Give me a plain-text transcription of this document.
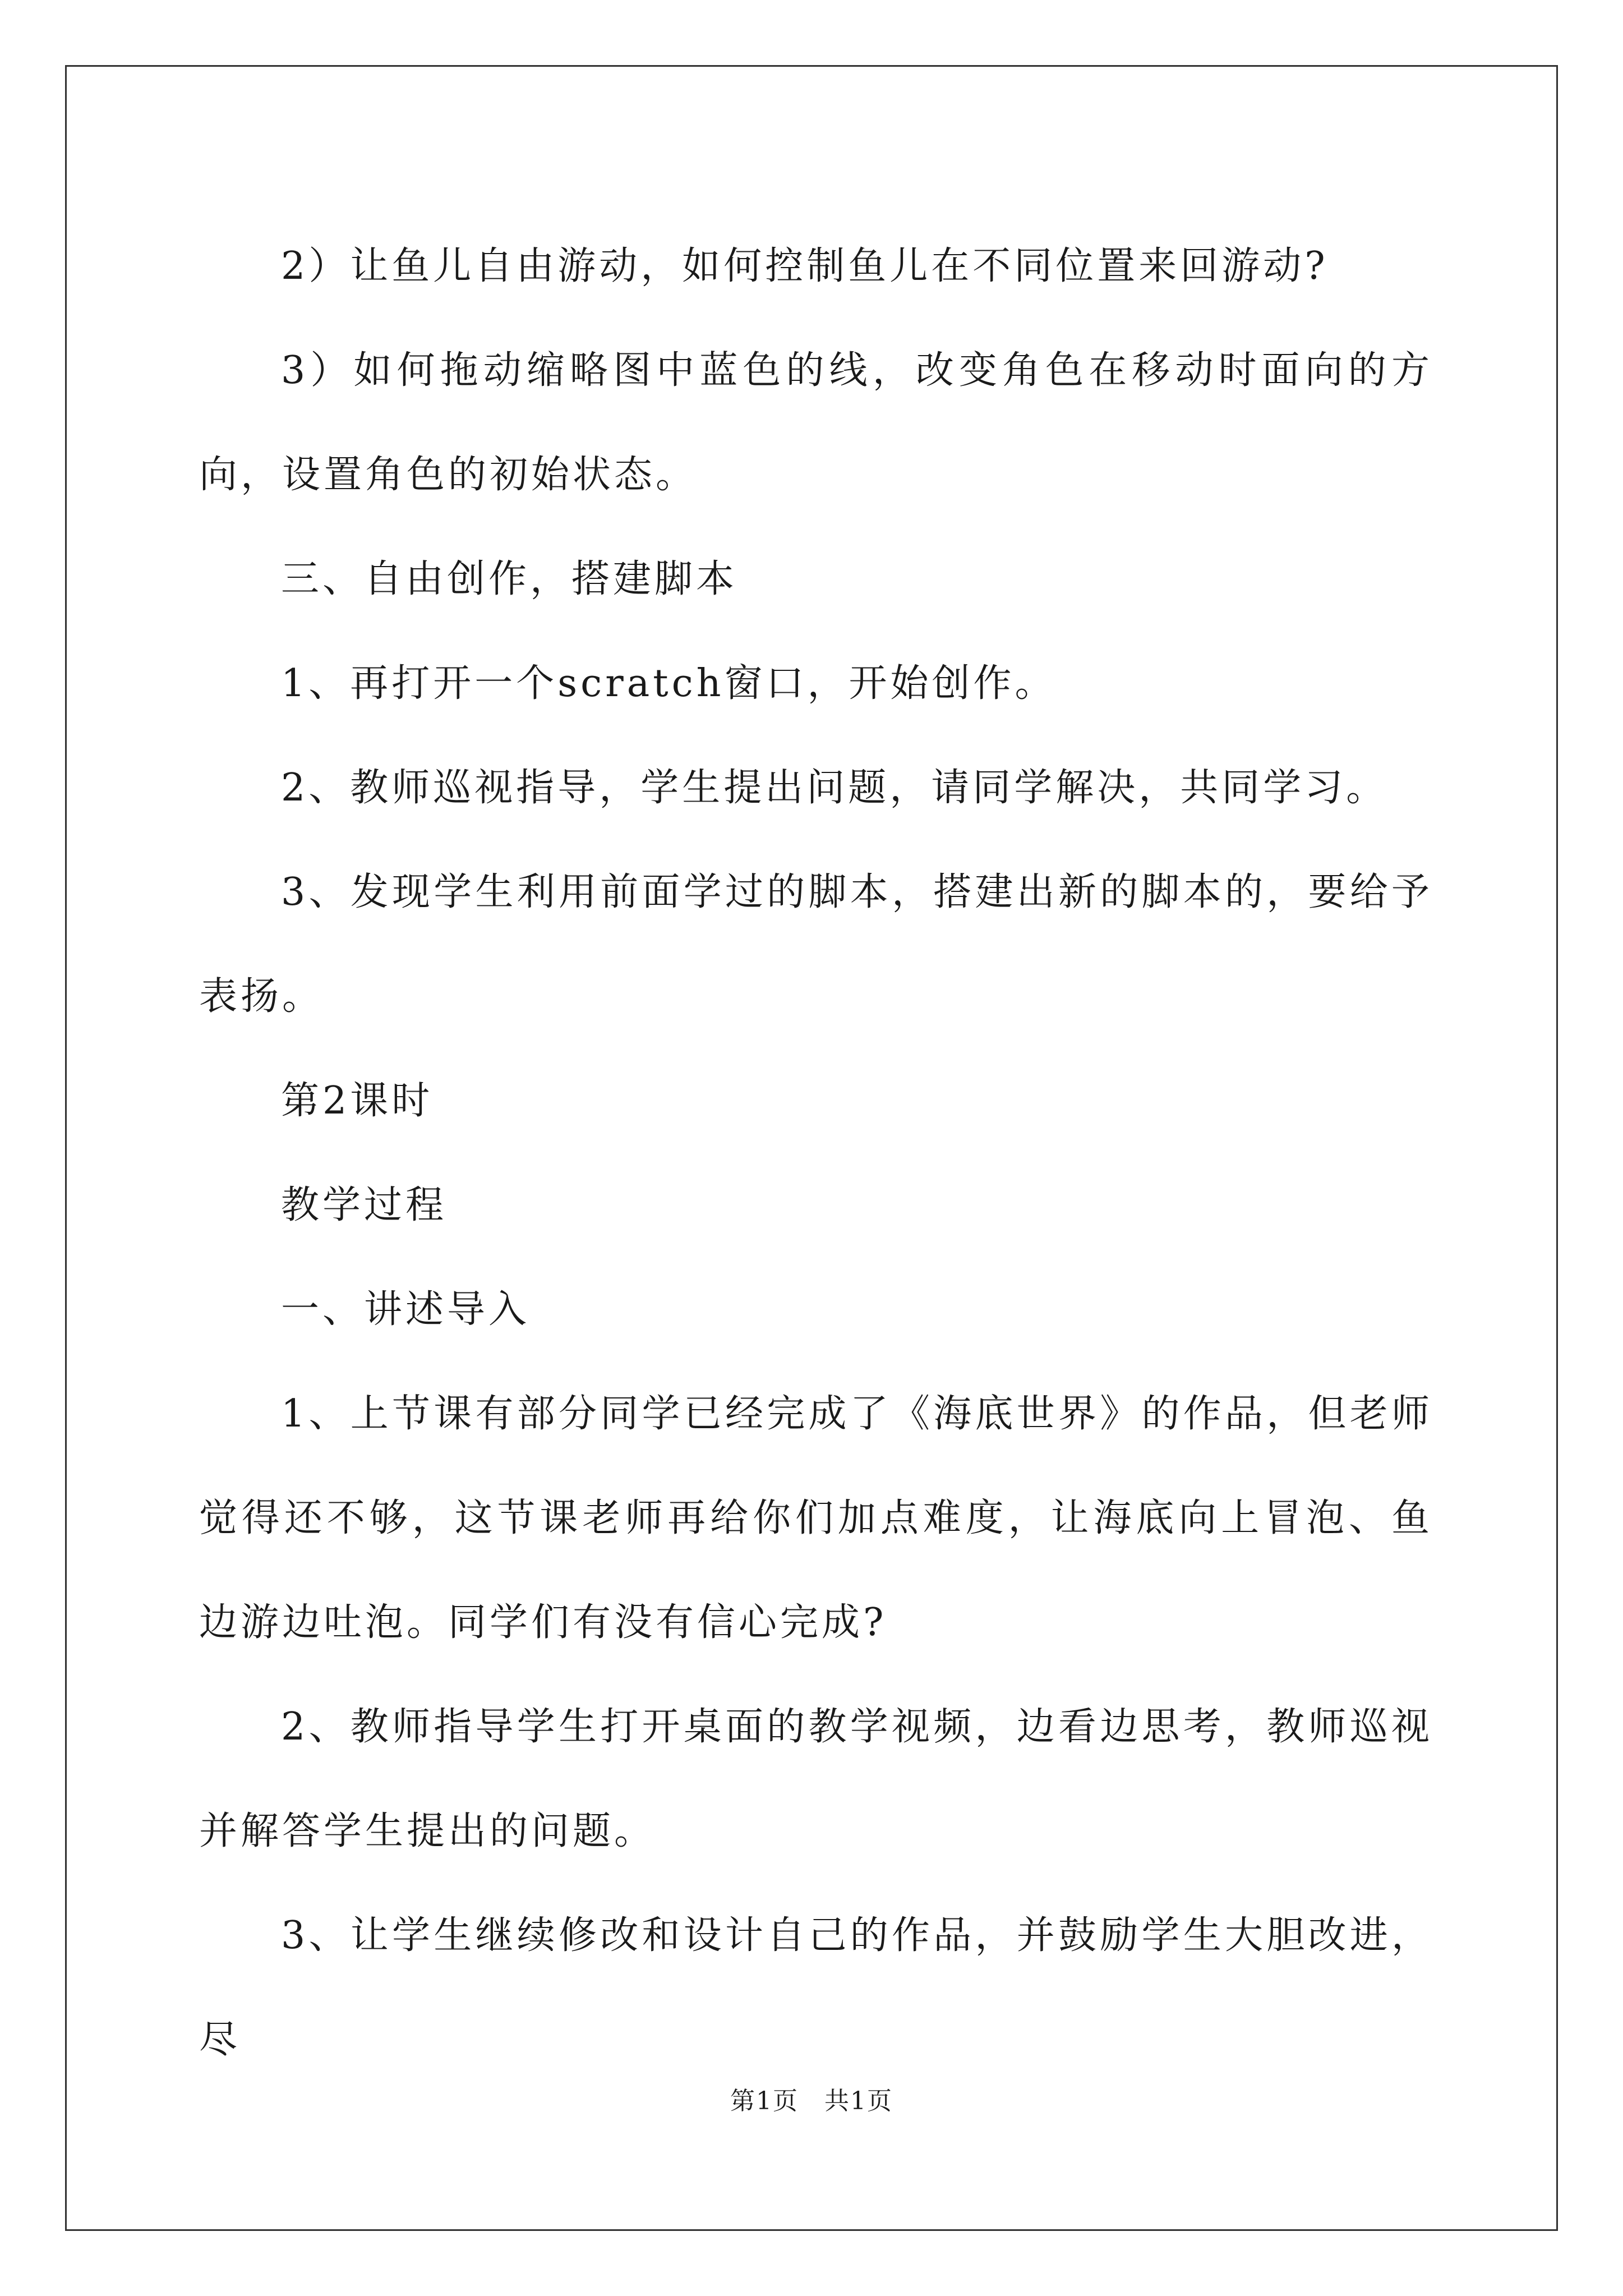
2）让鱼儿自由游动，如何控制鱼儿在不同位置来回游动?

3）如何拖动缩略图中蓝色的线，改变角色在移动时面向的方向，设置角色的初始状态。

三、自由创作，搭建脚本

1、再打开一个scratch窗口，开始创作。

2、教师巡视指导，学生提出问题，请同学解决，共同学习。

3、发现学生利用前面学过的脚本，搭建出新的脚本的，要给予表扬。

第2课时

教学过程

一、讲述导入

1、上节课有部分同学已经完成了《海底世界》的作品，但老师觉得还不够，这节课老师再给你们加点难度，让海底向上冒泡、鱼边游边吐泡。同学们有没有信心完成?

2、教师指导学生打开桌面的教学视频，边看边思考，教师巡视并解答学生提出的问题。

3、让学生继续修改和设计自己的作品，并鼓励学生大胆改进，尽

第1页　共1页
